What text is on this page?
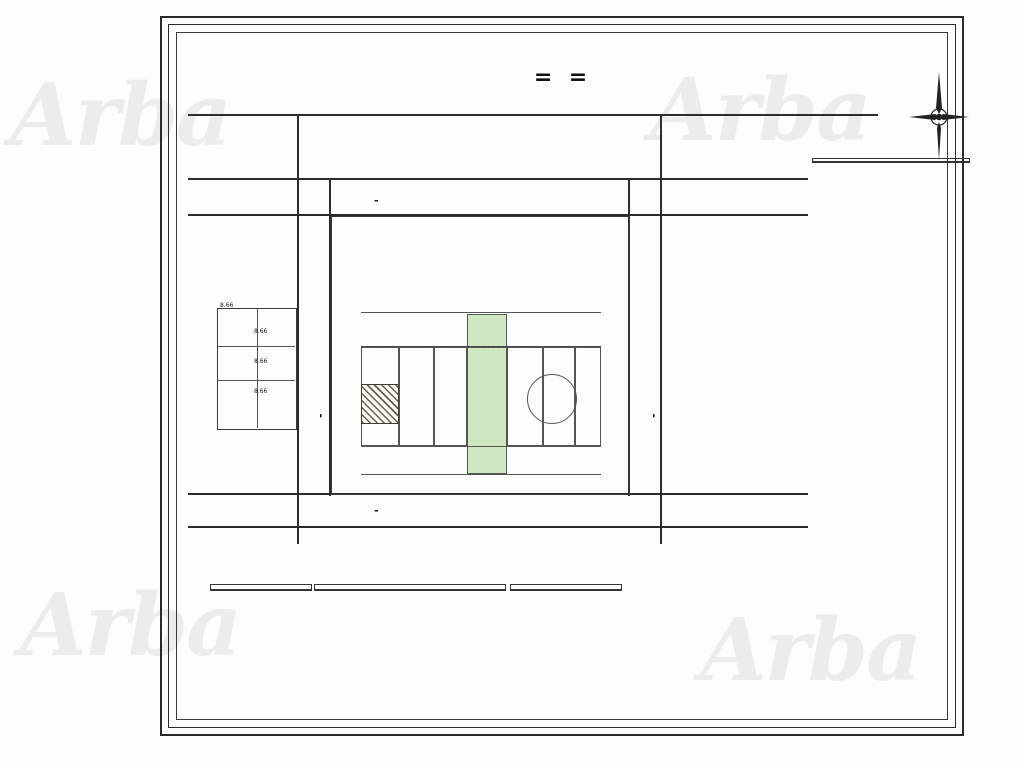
Arba	Arba
Arba	Arba
= =

-
-
-	-
8.66
8.66
8.66
8.66
